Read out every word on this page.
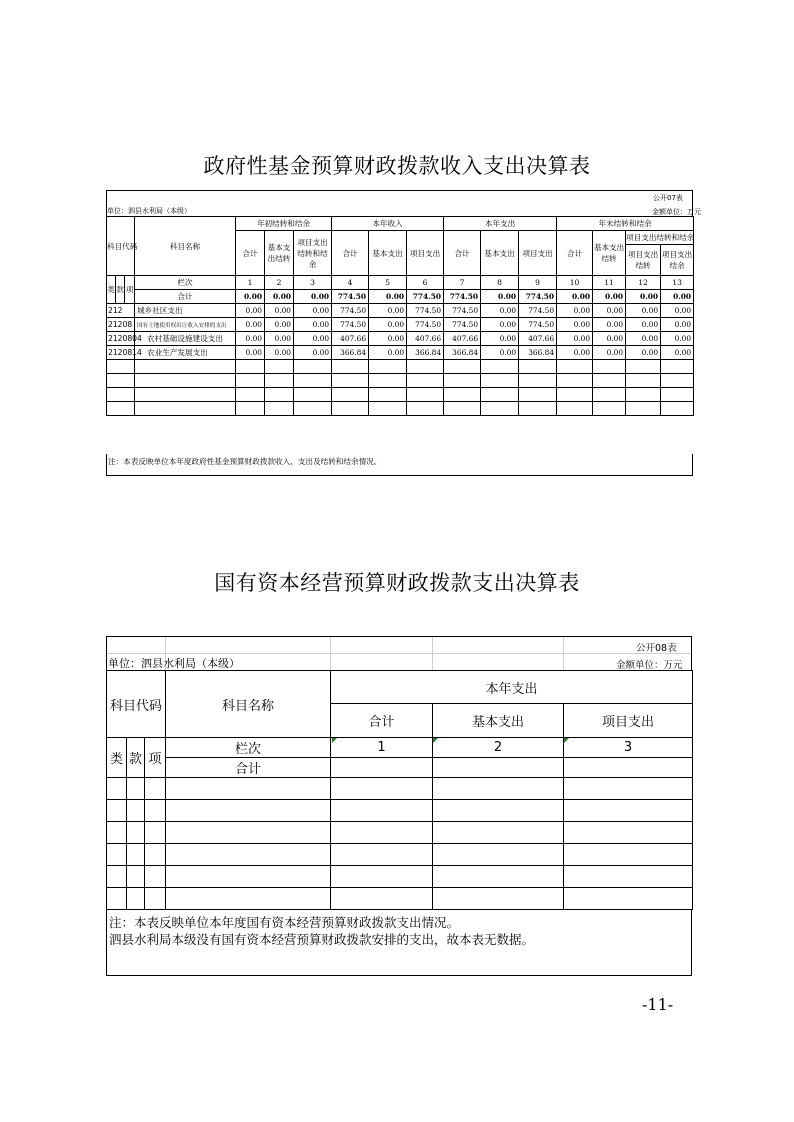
政府性基金预算财政拨款收入支出决算表
公开07表
单位：泗县水利局（本级）	金额单位：万元
科目代码			科目名称	年初结转和结余			本年收入			本年支出			年末结转和结余			
				合计	基本支出结转	项目支出结转和结余	合计	基本支出	项目支出	合计	基本支出	项目支出	合计	基本支出结转	项目支出结转和结余	
															项目支出结转	项目支出结余

类	款	项	栏次	1	2	3	4	5	6	7	8	9	10	11	12	13
			合计	0.00	0.00	0.00	774.50	0.00	774.50	774.50	0.00	774.50	0.00	0.00	0.00	0.00
212			城乡社区支出	0.00	0.00	0.00	774.50	0.00	774.50	774.50	0.00	774.50	0.00	0.00	0.00	0.00
21208			国有土地使用权出让收入安排的支出	0.00	0.00	0.00	774.50	0.00	774.50	774.50	0.00	774.50	0.00	0.00	0.00	0.00
2120804			农村基础设施建设支出	0.00	0.00	0.00	407.66	0.00	407.66	407.66	0.00	407.66	0.00	0.00	0.00	0.00
2120814			农业生产发展支出	0.00	0.00	0.00	366.84	0.00	366.84	366.84	0.00	366.84	0.00	0.00	0.00	0.00

注：本表反映单位本年度政府性基金预算财政拨款收入、支出及结转和结余情况。
国有资本经营预算财政拨款支出决算表
公开08表
单位：泗县水利局（本级）	金额单位：万元
科目代码			科目名称	本年支出		
				合计	基本支出	项目支出
类	款	项	栏次	1	2	3
			合计			

注：本表反映单位本年度国有资本经营预算财政拨款支出情况。
泗县水利局本级没有国有资本经营预算财政拨款安排的支出，故本表无数据。
-11-
